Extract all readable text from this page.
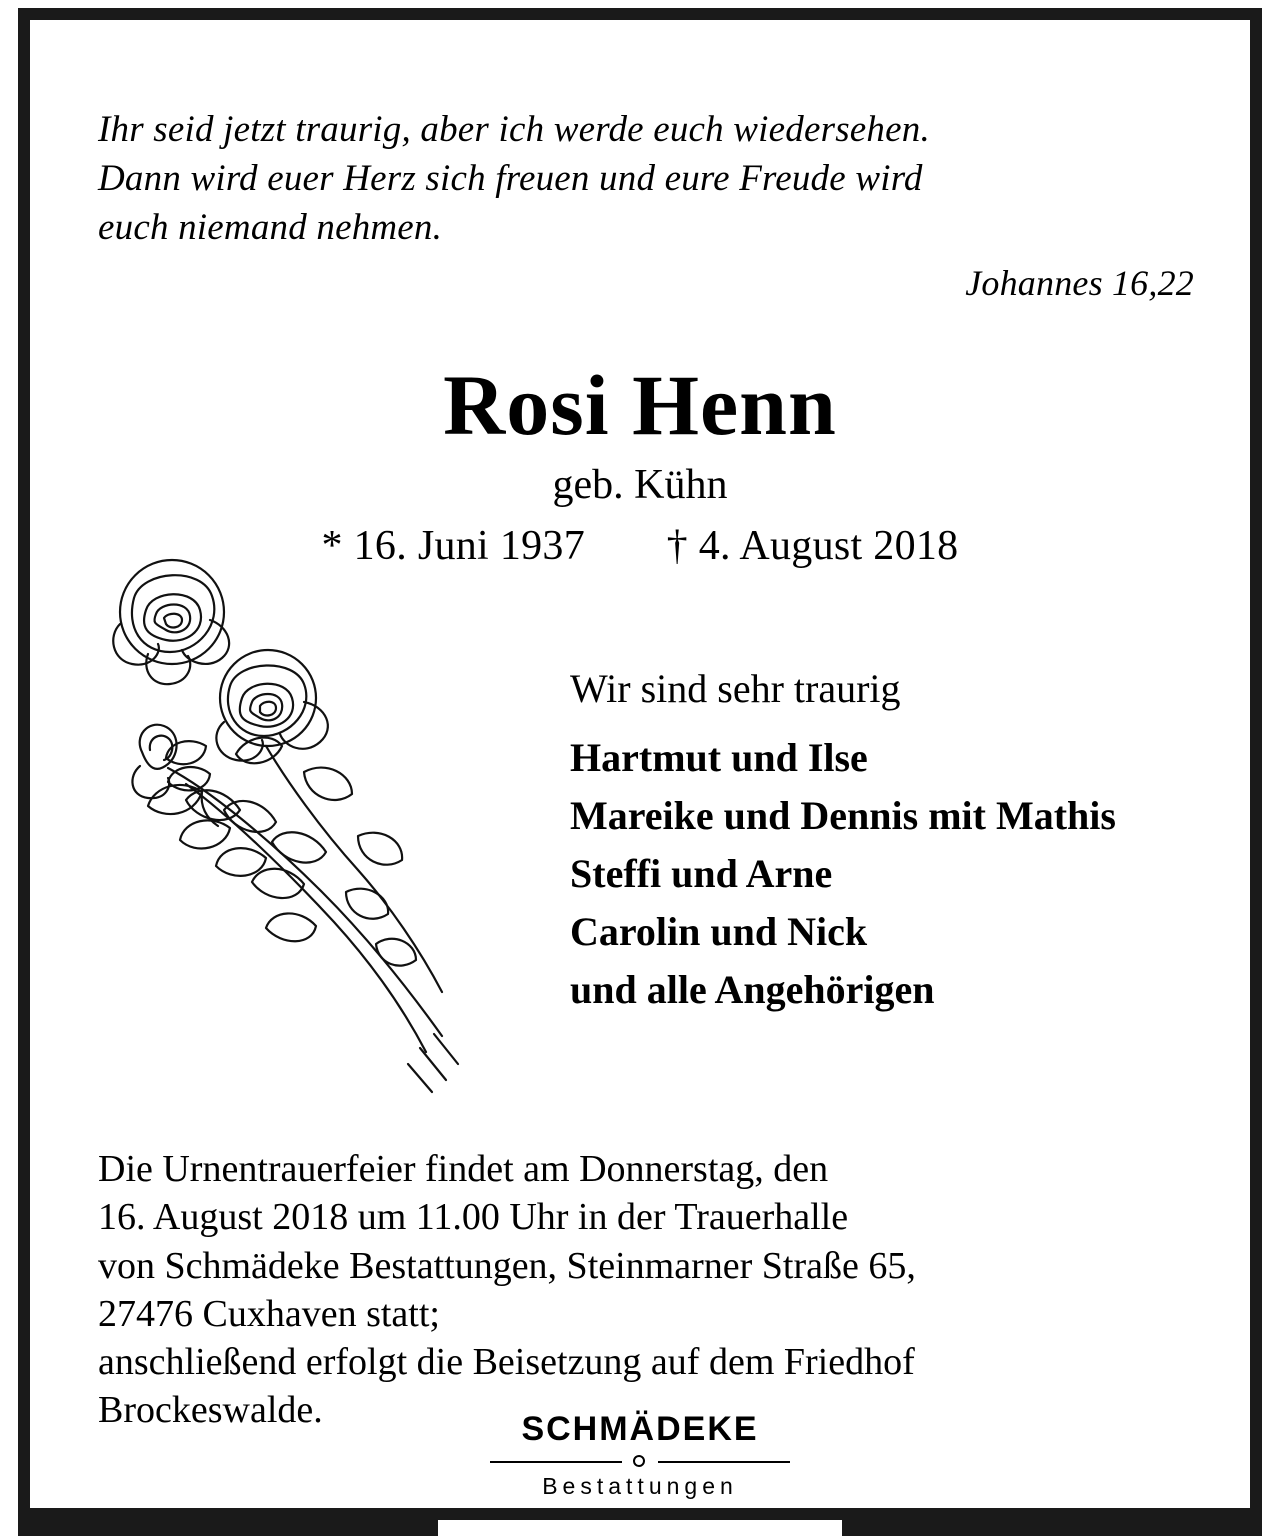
Ihr seid jetzt traurig, aber ich werde euch wiedersehen.
Dann wird euer Herz sich freuen und eure Freude wird
euch niemand nehmen.
Johannes 16,22
Rosi Henn
geb. Kühn
* 16. Juni 1937 † 4. August 2018
Wir sind sehr traurig
Hartmut und Ilse
Mareike und Dennis mit Mathis
Steffi und Arne
Carolin und Nick
und alle Angehörigen
Die Urnentrauerfeier findet am Donnerstag, den
16. August 2018 um 11.00 Uhr in der Trauerhalle
von Schmädeke Bestattungen, Steinmarner Straße 65,
27476 Cuxhaven statt;
anschließend erfolgt die Beisetzung auf dem Friedhof
Brockeswalde.	SCHMÄDEKE
Bestattungen
